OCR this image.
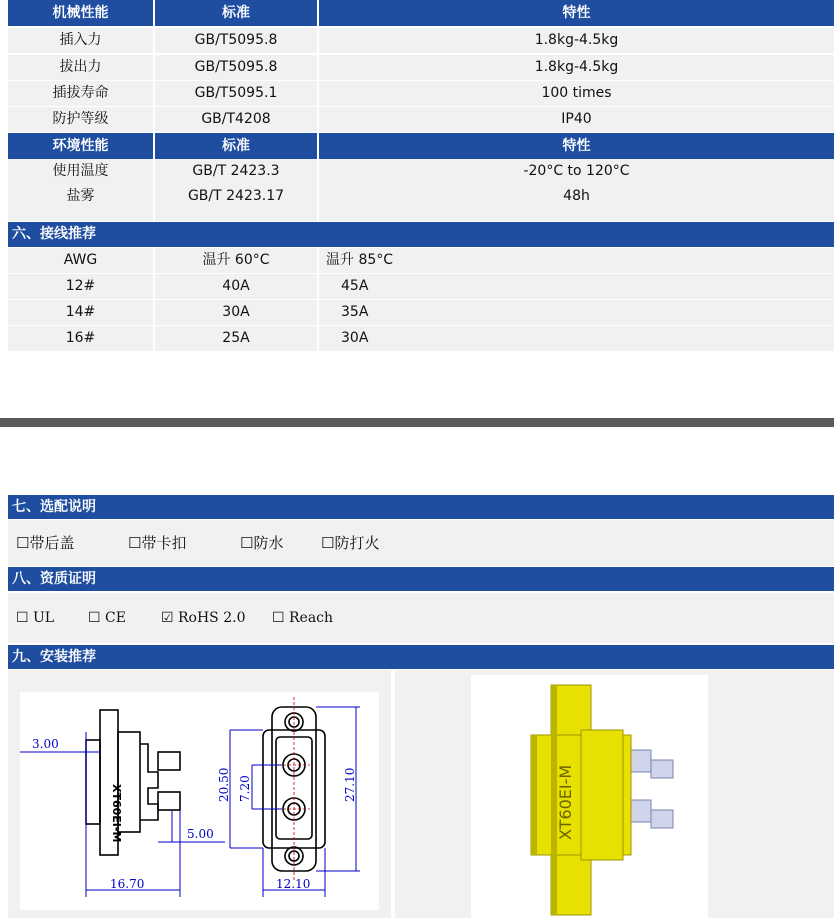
机械性能	标准	特性
插入力	GB/T5095.8	1.8kg-4.5kg
拔出力	GB/T5095.8	1.8kg-4.5kg
插拔寿命	GB/T5095.1	100 times
防护等级	GB/T4208	IP40
环境性能	标准	特性
使用温度	GB/T 2423.3	-20°C to 120°C
盐雾	GB/T 2423.17	48h
六、接线推荐
AWG	温升 60°C	温升 85°C
12#	40A	45A
14#	30A	35A
16#	25A	30A
七、选配说明
☐带后盖	☐带卡扣	☐防水	☐防打火
八、资质证明
☐ UL ☐ CE	☑ RoHS 2.0 ☐ Reach
九、安装推荐
XT60EI-M
3.00
5.00
16.70
20.50 7.20	27.10
12.10
XT60EI-M
